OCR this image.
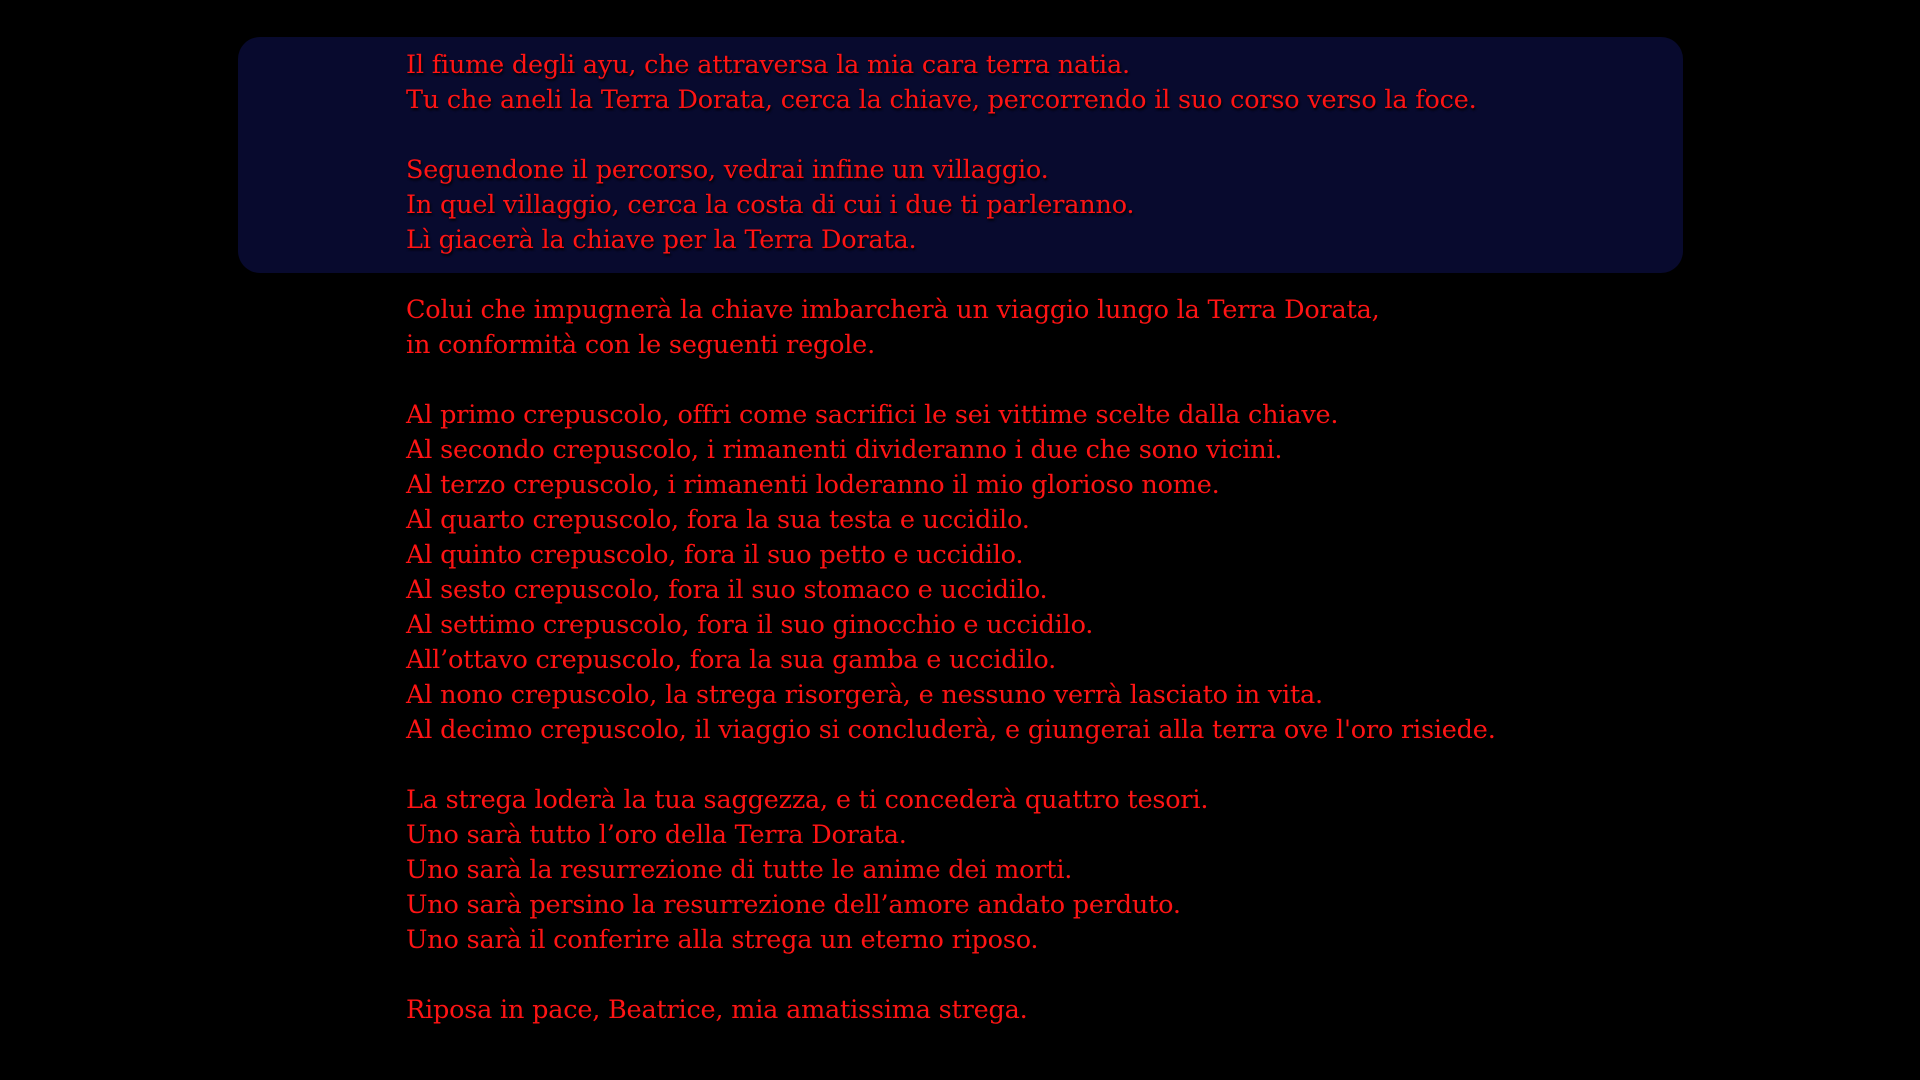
Il fiume degli ayu, che attraversa la mia cara terra natia.
Tu che aneli la Terra Dorata, cerca la chiave, percorrendo il suo corso verso la foce.
Seguendone il percorso, vedrai infine un villaggio.
In quel villaggio, cerca la costa di cui i due ti parleranno.
Lì giacerà la chiave per la Terra Dorata.
Colui che impugnerà la chiave imbarcherà un viaggio lungo la Terra Dorata,
in conformità con le seguenti regole.
Al primo crepuscolo, offri come sacrifici le sei vittime scelte dalla chiave.
Al secondo crepuscolo, i rimanenti divideranno i due che sono vicini.
Al terzo crepuscolo, i rimanenti loderanno il mio glorioso nome.
Al quarto crepuscolo, fora la sua testa e uccidilo.
Al quinto crepuscolo, fora il suo petto e uccidilo.
Al sesto crepuscolo, fora il suo stomaco e uccidilo.
Al settimo crepuscolo, fora il suo ginocchio e uccidilo.
All’ottavo crepuscolo, fora la sua gamba e uccidilo.
Al nono crepuscolo, la strega risorgerà, e nessuno verrà lasciato in vita.
Al decimo crepuscolo, il viaggio si concluderà, e giungerai alla terra ove l'oro risiede.
La strega loderà la tua saggezza, e ti concederà quattro tesori.
Uno sarà tutto l’oro della Terra Dorata.
Uno sarà la resurrezione di tutte le anime dei morti.
Uno sarà persino la resurrezione dell’amore andato perduto.
Uno sarà il conferire alla strega un eterno riposo.
Riposa in pace, Beatrice, mia amatissima strega.
